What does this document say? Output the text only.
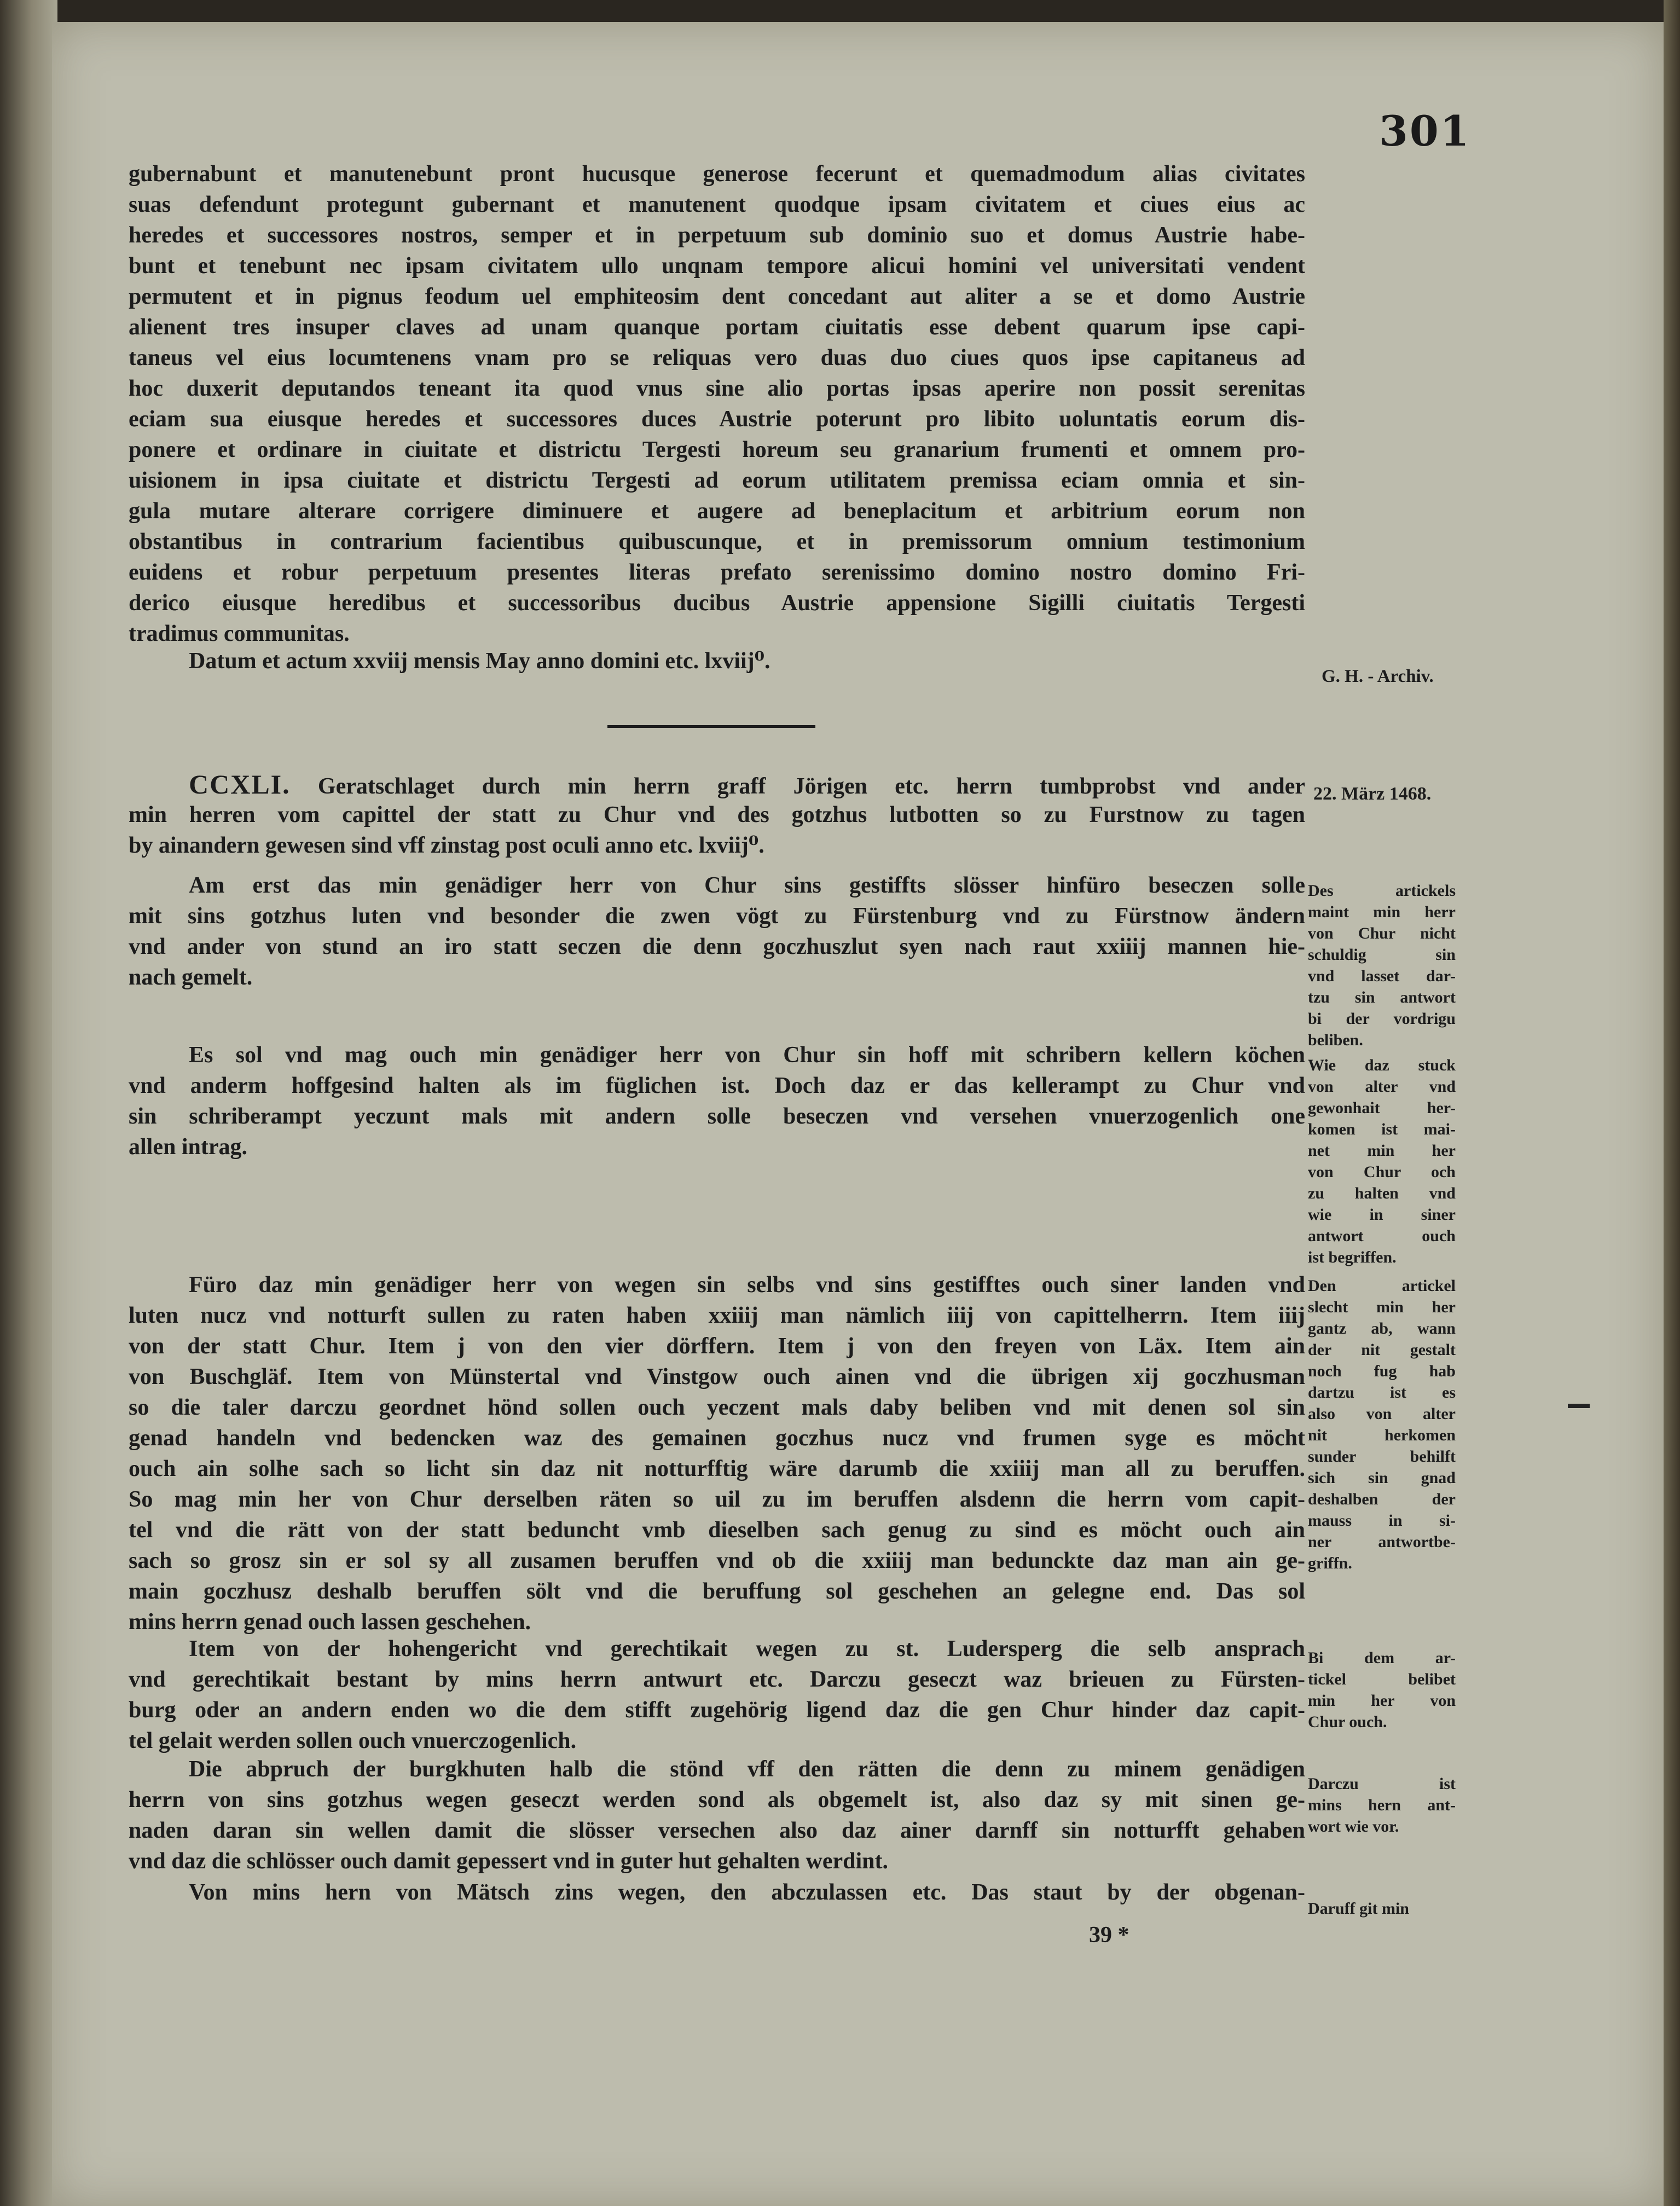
301
gubernabunt et manutenebunt pront hucusque generose fecerunt et quemadmodum alias civitates
suas defendunt protegunt gubernant et manutenent quodque ipsam civitatem et ciues eius ac
heredes et successores nostros, semper et in perpetuum sub dominio suo et domus Austrie habe-
bunt et tenebunt nec ipsam civitatem ullo unqnam tempore alicui homini vel universitati vendent
permutent et in pignus feodum uel emphiteosim dent concedant aut aliter a se et domo Austrie
alienent tres insuper claves ad unam quanque portam ciuitatis esse debent quarum ipse capi-
taneus vel eius locumtenens vnam pro se reliquas vero duas duo ciues quos ipse capitaneus ad
hoc duxerit deputandos teneant ita quod vnus sine alio portas ipsas aperire non possit serenitas
eciam sua eiusque heredes et successores duces Austrie poterunt pro libito uoluntatis eorum dis-
ponere et ordinare in ciuitate et districtu Tergesti horeum seu granarium frumenti et omnem pro-
uisionem in ipsa ciuitate et districtu Tergesti ad eorum utilitatem premissa eciam omnia et sin-
gula mutare alterare corrigere diminuere et augere ad beneplacitum et arbitrium eorum non
obstantibus in contrarium facientibus quibuscunque, et in premissorum omnium testimonium
euidens et robur perpetuum presentes literas prefato serenissimo domino nostro domino Fri-
derico eiusque heredibus et successoribus ducibus Austrie appensione Sigilli ciuitatis Tergesti
tradimus communitas.
Datum et actum xxviij mensis May anno domini etc. lxviij⁰.
G. H. - Archiv.
CCXLI. Geratschlaget durch min herrn graff Jörigen etc. herrn tumbprobst vnd ander
min herren vom capittel der statt zu Chur vnd des gotzhus lutbotten so zu Furstnow zu tagen
by ainandern gewesen sind vff zinstag post oculi anno etc. lxviij⁰.
22. März 1468.
Am erst das min genädiger herr von Chur sins gestiffts slösser hinfüro beseczen solle
mit sins gotzhus luten vnd besonder die zwen vögt zu Fürstenburg vnd zu Fürstnow ändern
vnd ander von stund an iro statt seczen die denn goczhuszlut syen nach raut xxiiij mannen hie-
nach gemelt.
Des artickels
maint min herr
von Chur nicht
schuldig sin
vnd lasset dar-
tzu sin antwort
bi der vordrigu
beliben.
Es sol vnd mag ouch min genädiger herr von Chur sin hoff mit schribern kellern köchen
vnd anderm hoffgesind halten als im füglichen ist. Doch daz er das kellerampt zu Chur vnd
sin schriberampt yeczunt mals mit andern solle beseczen vnd versehen vnuerzogenlich one
allen intrag.
Wie daz stuck
von alter vnd
gewonhait her-
komen ist mai-
net min her
von Chur och
zu halten vnd
wie in siner
antwort ouch
ist begriffen.
Füro daz min genädiger herr von wegen sin selbs vnd sins gestifftes ouch siner landen vnd
luten nucz vnd notturft sullen zu raten haben xxiiij man nämlich iiij von capittelherrn. Item iiij
von der statt Chur. Item j von den vier dörffern. Item j von den freyen von Läx. Item ain
von Buschgläf. Item von Münstertal vnd Vinstgow ouch ainen vnd die übrigen xij goczhusman
so die taler darczu geordnet hönd sollen ouch yeczent mals daby beliben vnd mit denen sol sin
genad handeln vnd bedencken waz des gemainen goczhus nucz vnd frumen syge es möcht
ouch ain solhe sach so licht sin daz nit notturfftig wäre darumb die xxiiij man all zu beruffen.
So mag min her von Chur derselben räten so uil zu im beruffen alsdenn die herrn vom capit-
tel vnd die rätt von der statt beduncht vmb dieselben sach genug zu sind es möcht ouch ain
sach so grosz sin er sol sy all zusamen beruffen vnd ob die xxiiij man beduncktе daz man ain ge-
main goczhusz deshalb beruffen sölt vnd die beruffung sol geschehen an gelegne end. Das sol
mins herrn genad ouch lassen geschehen.
Den artickel
slecht min her
gantz ab, wann
der nit gestalt
noch fug hab
dartzu ist es
also von alter
nit herkomen
sunder behilft
sich sin gnad
deshalben der
mauss in si-
ner antwortbe-
griffn.
Item von der hohengericht vnd gerechtikait wegen zu st. Ludersperg die selb ansprach
vnd gerechtikait bestant by mins herrn antwurt etc. Darczu geseczt waz brieuen zu Fürsten-
burg oder an andern enden wo die dem stifft zugehörig ligend daz die gen Chur hinder daz capit-
tel gelait werden sollen ouch vnuerczogenlich.
Bi dem ar-
tickel belibet
min her von
Chur ouch.
Die abpruch der burgkhuten halb die stönd vff den rätten die denn zu minem genädigen
herrn von sins gotzhus wegen geseczt werden sond als obgemelt ist, also daz sy mit sinen ge-
naden daran sin wellen damit die slösser versechen also daz ainer darnff sin notturfft gehaben
vnd daz die schlösser ouch damit gepessert vnd in guter hut gehalten werdint.
Darczu ist
mins hern ant-
wort wie vor.
Von mins hern von Mätsch zins wegen, den abczulassen etc. Das staut by der obgenan-
Daruff git min
39 *
